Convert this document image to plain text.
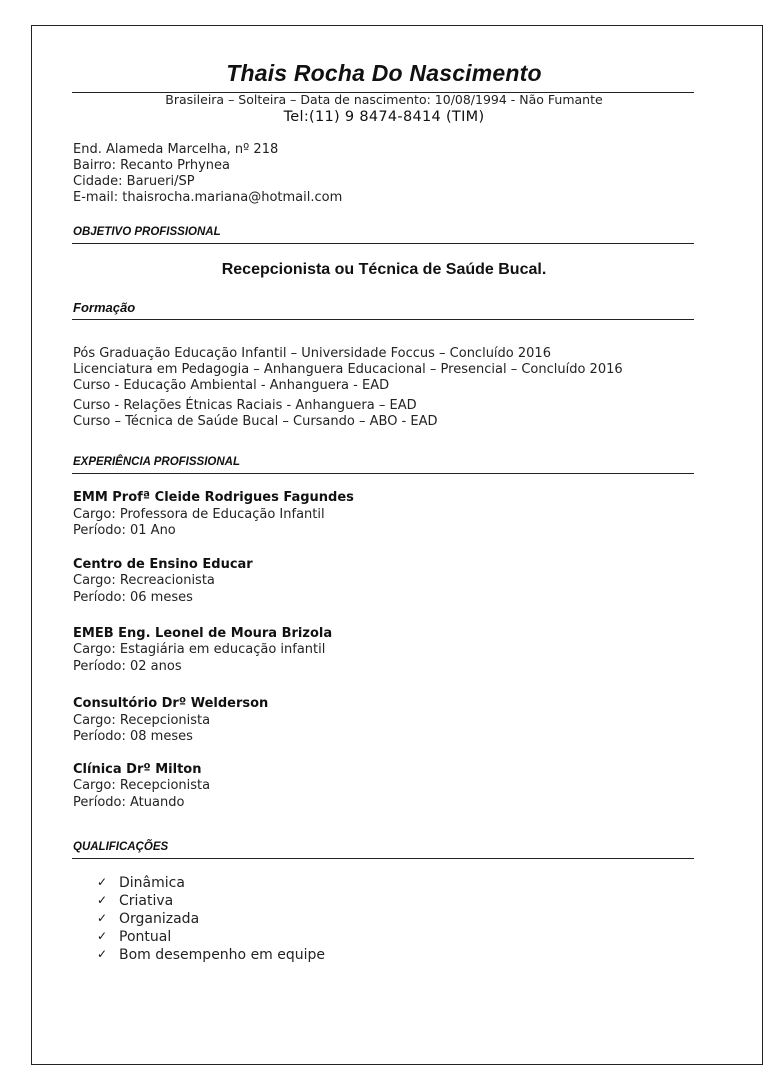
Thais Rocha Do Nascimento
Brasileira – Solteira – Data de nascimento: 10/08/1994 - Não Fumante
Tel:(11) 9 8474-8414 (TIM)
End. Alameda Marcelha, nº 218
Bairro: Recanto Prhynea
Cidade: Barueri/SP
E-mail: thaisrocha.mariana@hotmail.com
OBJETIVO PROFISSIONAL
Recepcionista ou Técnica de Saúde Bucal.
Formação
Pós Graduação Educação Infantil – Universidade Foccus – Concluído 2016
Licenciatura em Pedagogia – Anhanguera Educacional – Presencial – Concluído 2016
Curso - Educação Ambiental - Anhanguera - EAD
Curso - Relações Étnicas Raciais - Anhanguera – EAD
Curso – Técnica de Saúde Bucal – Cursando – ABO - EAD
EXPERIÊNCIA PROFISSIONAL
EMM Profª Cleide Rodrigues Fagundes
Cargo: Professora de Educação Infantil
Período: 01 Ano
Centro de Ensino Educar
Cargo: Recreacionista
Período: 06 meses
EMEB Eng. Leonel de Moura Brizola
Cargo: Estagiária em educação infantil
Período: 02 anos
Consultório Drº Welderson
Cargo: Recepcionista
Período: 08 meses
Clínica Drº Milton
Cargo: Recepcionista
Período: Atuando
QUALIFICAÇÕES
✓ Dinâmica
✓ Criativa
✓ Organizada
✓ Pontual
✓ Bom desempenho em equipe
